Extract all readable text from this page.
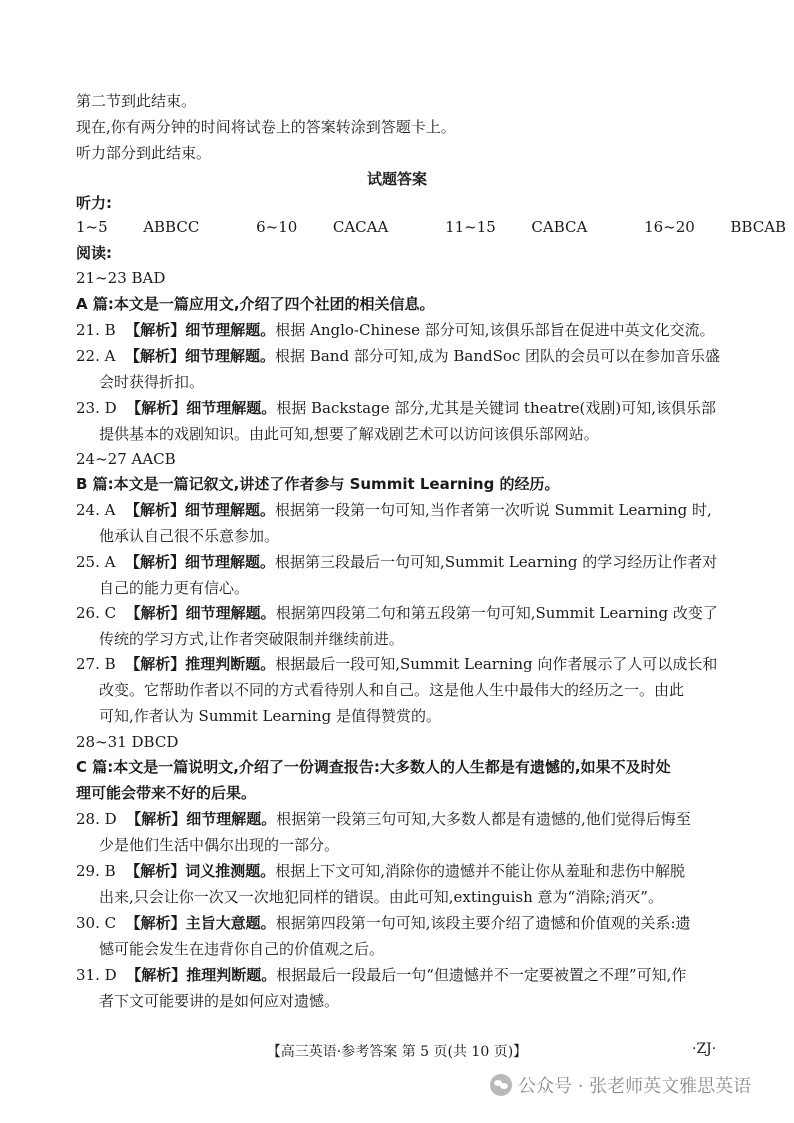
第二节到此结束。
现在,你有两分钟的时间将试卷上的答案转涂到答题卡上。
听力部分到此结束。
试题答案
听力:
1~5 ABBCC	6~10 CACAA	11~15 CABCA	16~20 BBCAB
阅读:
21~23 BAD
A 篇:本文是一篇应用文,介绍了四个社团的相关信息。
21. B 【解析】细节理解题。根据 Anglo-Chinese 部分可知,该俱乐部旨在促进中英文化交流。
22. A 【解析】细节理解题。根据 Band 部分可知,成为 BandSoc 团队的会员可以在参加音乐盛
会时获得折扣。
23. D 【解析】细节理解题。根据 Backstage 部分,尤其是关键词 theatre(戏剧)可知,该俱乐部
提供基本的戏剧知识。由此可知,想要了解戏剧艺术可以访问该俱乐部网站。
24~27 AACB
B 篇:本文是一篇记叙文,讲述了作者参与 Summit Learning 的经历。
24. A 【解析】细节理解题。根据第一段第一句可知,当作者第一次听说 Summit Learning 时,
他承认自己很不乐意参加。
25. A 【解析】细节理解题。根据第三段最后一句可知,Summit Learning 的学习经历让作者对
自己的能力更有信心。
26. C 【解析】细节理解题。根据第四段第二句和第五段第一句可知,Summit Learning 改变了
传统的学习方式,让作者突破限制并继续前进。
27. B 【解析】推理判断题。根据最后一段可知,Summit Learning 向作者展示了人可以成长和
改变。它帮助作者以不同的方式看待别人和自己。这是他人生中最伟大的经历之一。由此
可知,作者认为 Summit Learning 是值得赞赏的。
28~31 DBCD
C 篇:本文是一篇说明文,介绍了一份调查报告:大多数人的人生都是有遗憾的,如果不及时处
理可能会带来不好的后果。
28. D 【解析】细节理解题。根据第一段第三句可知,大多数人都是有遗憾的,他们觉得后悔至
少是他们生活中偶尔出现的一部分。
29. B 【解析】词义推测题。根据上下文可知,消除你的遗憾并不能让你从羞耻和悲伤中解脱
出来,只会让你一次又一次地犯同样的错误。由此可知,extinguish 意为“消除;消灭”。
30. C 【解析】主旨大意题。根据第四段第一句可知,该段主要介绍了遗憾和价值观的关系:遗
憾可能会发生在违背你自己的价值观之后。
31. D 【解析】推理判断题。根据最后一段最后一句“但遗憾并不一定要被置之不理”可知,作
者下文可能要讲的是如何应对遗憾。
【高三英语·参考答案 第 5 页(共 10 页)】	·ZJ·
公众号 · 张老师英文雅思英语
